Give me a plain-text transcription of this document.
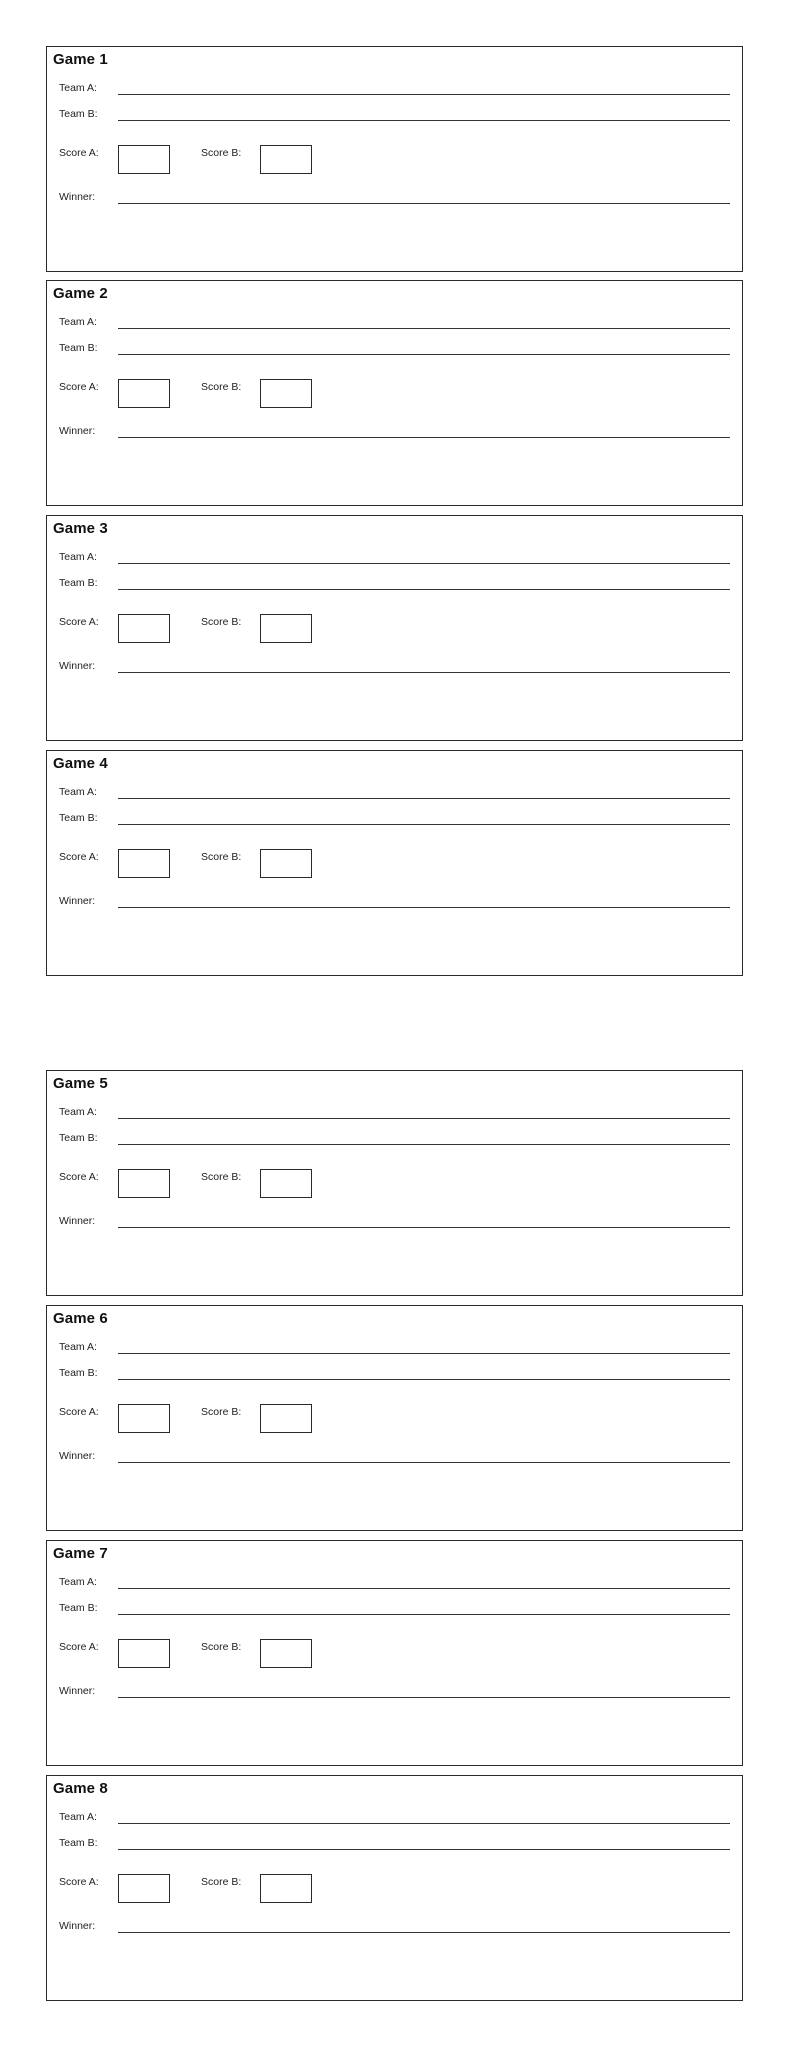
Game 1
Team A:
Team B:
Score A:	Score B:
Winner:
Game 2
Team A:
Team B:
Score A:	Score B:
Winner:
Game 3
Team A:
Team B:
Score A:	Score B:
Winner:
Game 4
Team A:
Team B:
Score A:	Score B:
Winner:
Game 5
Team A:
Team B:
Score A:	Score B:
Winner:
Game 6
Team A:
Team B:
Score A:	Score B:
Winner:
Game 7
Team A:
Team B:
Score A:	Score B:
Winner:
Game 8
Team A:
Team B:
Score A:	Score B:
Winner:
